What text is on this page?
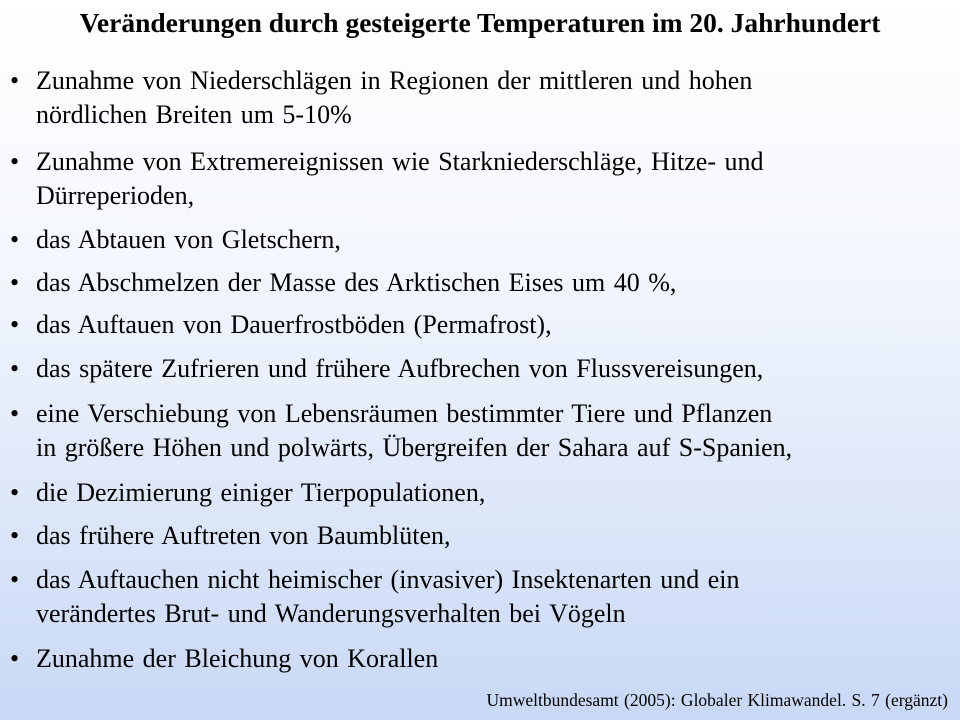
Veränderungen durch gesteigerte Temperaturen im 20. Jahrhundert
• Zunahme von Niederschlägen in Regionen der mittleren und hohen
nördlichen Breiten um 5-10%
• Zunahme von Extremereignissen wie Starkniederschläge, Hitze- und
Dürreperioden,
• das Abtauen von Gletschern,
• das Abschmelzen der Masse des Arktischen Eises um 40 %,
• das Auftauen von Dauerfrostböden (Permafrost),
• das spätere Zufrieren und frühere Aufbrechen von Flussvereisungen,
• eine Verschiebung von Lebensräumen bestimmter Tiere und Pflanzen
in größere Höhen und polwärts, Übergreifen der Sahara auf S-Spanien,
• die Dezimierung einiger Tierpopulationen,
• das frühere Auftreten von Baumblüten,
• das Auftauchen nicht heimischer (invasiver) Insektenarten und ein
verändertes Brut- und Wanderungsverhalten bei Vögeln
• Zunahme der Bleichung von Korallen
Umweltbundesamt (2005): Globaler Klimawandel. S. 7 (ergänzt)
